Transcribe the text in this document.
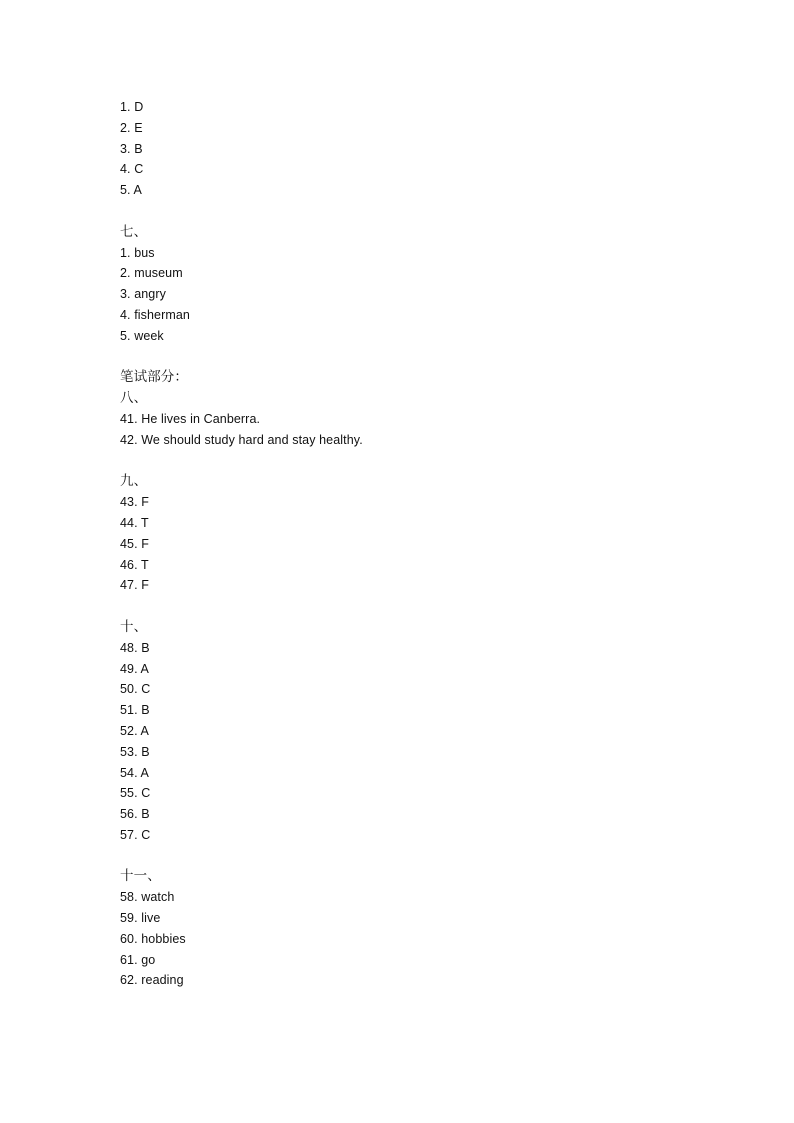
1. D
2. E
3. B
4. C
5. A
七、
1. bus
2. museum
3. angry
4. fisherman
5. week
笔试部分：
八、
41. He lives in Canberra.
42. We should study hard and stay healthy.
九、
43. F
44. T
45. F
46. T
47. F
十、
48. B
49. A
50. C
51. B
52. A
53. B
54. A
55. C
56. B
57. C
十一、
58. watch
59. live
60. hobbies
61. go
62. reading
